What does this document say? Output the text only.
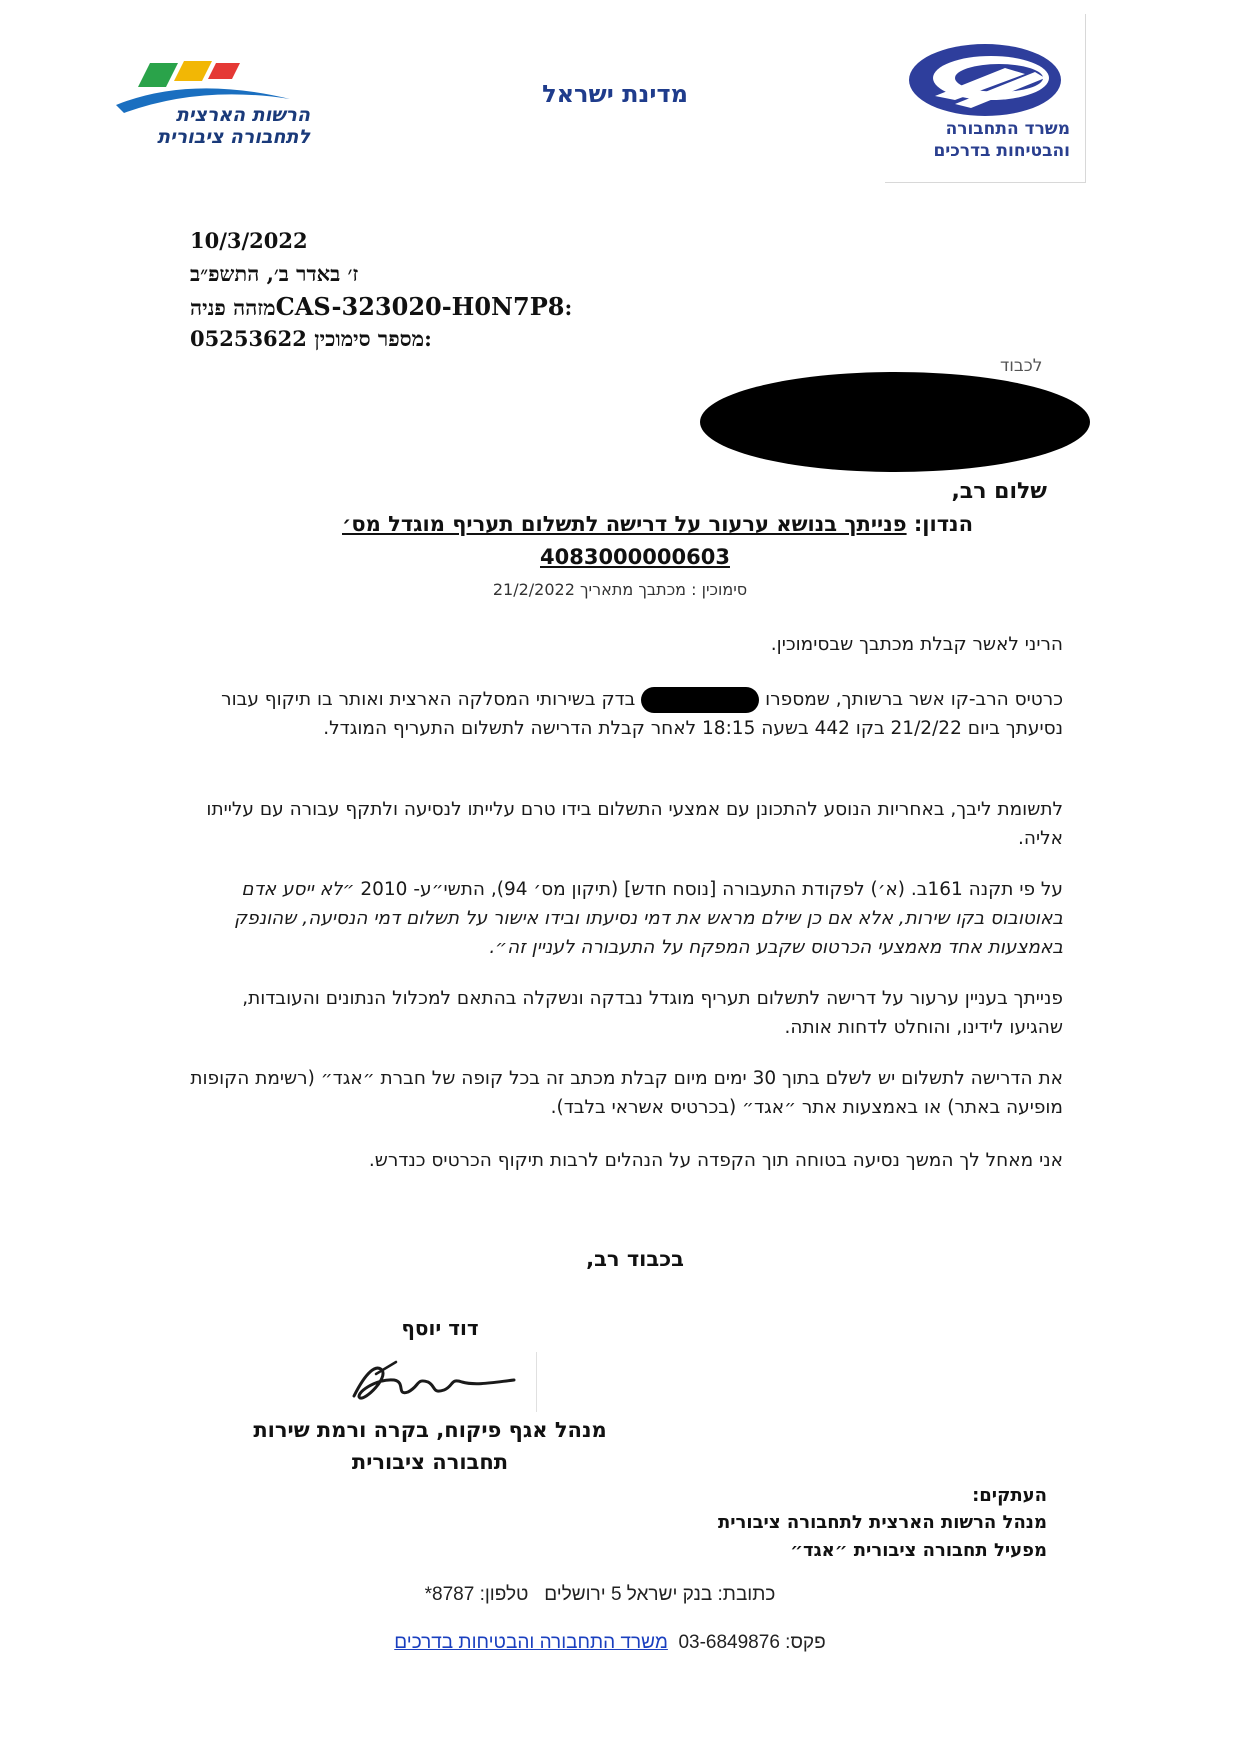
משרד התחבורה
והבטיחות בדרכים
מדינת ישראל
הרשות הארצית
לתחבורה ציבורית
10/3/2022
ז׳ באדר ב׳, התשפ״ב
CAS-323020-H0N7P8מזהה פניה:
05253622 מספר סימוכין:
לכבוד
שלום רב,
הנדון: פנייתך בנושא ערעור על דרישה לתשלום תעריף מוגדל מס׳
4083000000603
סימוכין : מכתבך מתאריך 21/2/2022
הריני לאשר קבלת מכתבך שבסימוכין.
כרטיס הרב-קו אשר ברשותך, שמספרו  בדק בשירותי המסלקה הארצית ואותר בו תיקוף עבור נסיעתך ביום 21/2/22 בקו 442 בשעה 18:15 לאחר קבלת הדרישה לתשלום התעריף המוגדל.
לתשומת ליבך, באחריות הנוסע להתכונן עם אמצעי התשלום בידו טרם עלייתו לנסיעה ולתקף עבורה עם עלייתו אליה.
על פי תקנה 161ב. (א׳) לפקודת התעבורה [נוסח חדש] (תיקון מס׳ 94), התשי״ע- 2010 ״לא ייסע אדם באוטובוס בקו שירות, אלא אם כן שילם מראש את דמי נסיעתו ובידו אישור על תשלום דמי הנסיעה, שהונפק באמצעות אחד מאמצעי הכרטוס שקבע המפקח על התעבורה לעניין זה״.
פנייתך בעניין ערעור על דרישה לתשלום תעריף מוגדל נבדקה ונשקלה בהתאם למכלול הנתונים והעובדות, שהגיעו לידינו, והוחלט לדחות אותה.
את הדרישה לתשלום יש לשלם בתוך 30 ימים מיום קבלת מכתב זה בכל קופה של חברת ״אגד״ (רשימת הקופות מופיעה באתר) או באמצעות אתר ״אגד״ (בכרטיס אשראי בלבד).
אני מאחל לך המשך נסיעה בטוחה תוך הקפדה על הנהלים לרבות תיקוף הכרטיס כנדרש.
בכבוד רב,
דוד יוסף
מנהל אגף פיקוח, בקרה ורמת שירות
תחבורה ציבורית
העתקים:
מנהל הרשות הארצית לתחבורה ציבורית
מפעיל תחבורה ציבורית ״אגד״
כתובת: בנק ישראל 5 ירושלים   טלפון: *8787
פקס: 03-6849876  משרד התחבורה והבטיחות בדרכים
